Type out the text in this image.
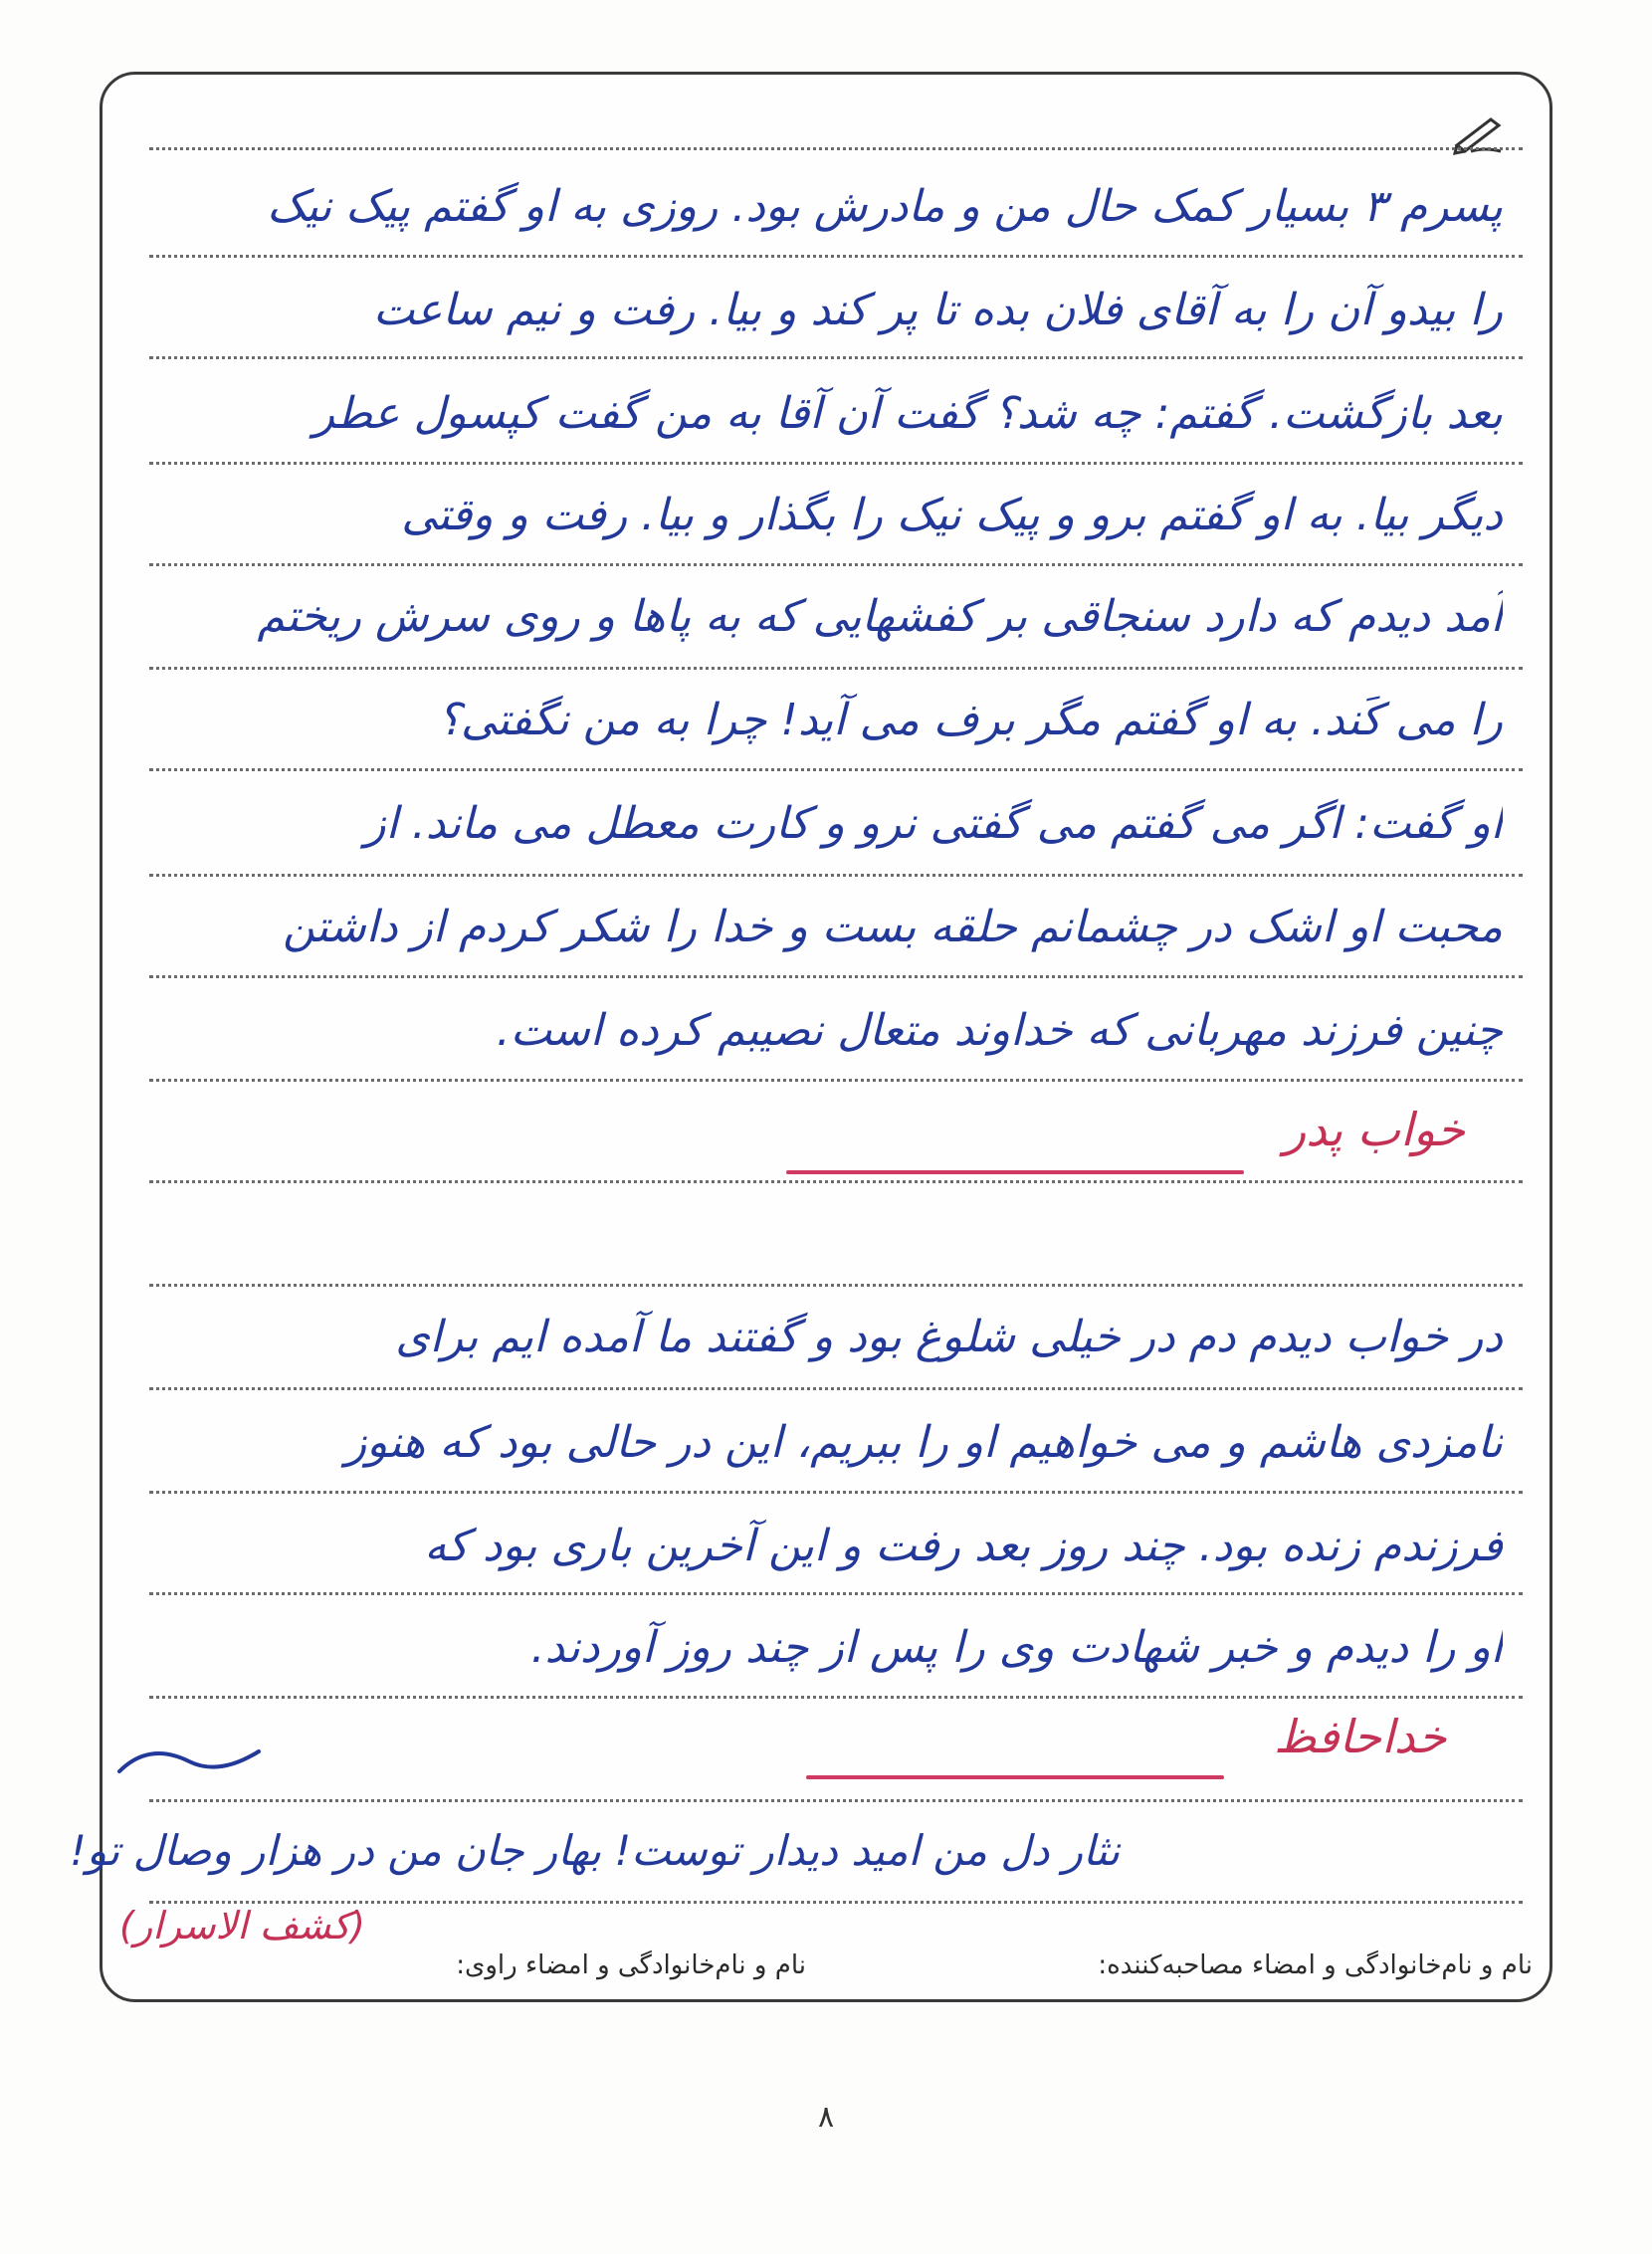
پسرم ۳ بسیار کمک حال من و مادرش بود. روزی به او گفتم پیک نیک
را بیدو آن را به آقای فلان بده تا پر کند و بیا. رفت و نیم ساعت
بعد بازگشت. گفتم: چه شد؟ گفت آن آقا به من گفت کپسول عطر
دیگر بیا. به او گفتم برو و پیک نیک را بگذار و بیا. رفت و وقتی
آمد دیدم که دارد سنجاقی بر کفشهایی که به پاها و روی سرش ریختم
را می کَند. به او گفتم مگر برف می آید! چرا به من نگفتی؟
او گفت: اگر می گفتم می گفتی نرو و کارت معطل می ماند. از
محبت او اشک در چشمانم حلقه بست و خدا را شکر کردم از داشتن
چنین فرزند مهربانی که خداوند متعال نصیبم کرده است.
خواب پدر
در خواب دیدم دم در خیلی شلوغ بود و گفتند ما آمده ایم برای
نامزدی هاشم و می خواهیم او را ببریم، این در حالی بود که هنوز
فرزندم زنده بود. چند روز بعد رفت و این آخرین باری بود که
او را دیدم و خبر شهادت وی را پس از چند روز آوردند.
خداحافظ
نثار دل من امید دیدار توست! بهار جان من در هزار وصال تو!
(کشف الاسرار)
نام و نام‌خانوادگی و امضاء مصاحبه‌کننده:
نام و نام‌خانوادگی و امضاء راوی:
۸
